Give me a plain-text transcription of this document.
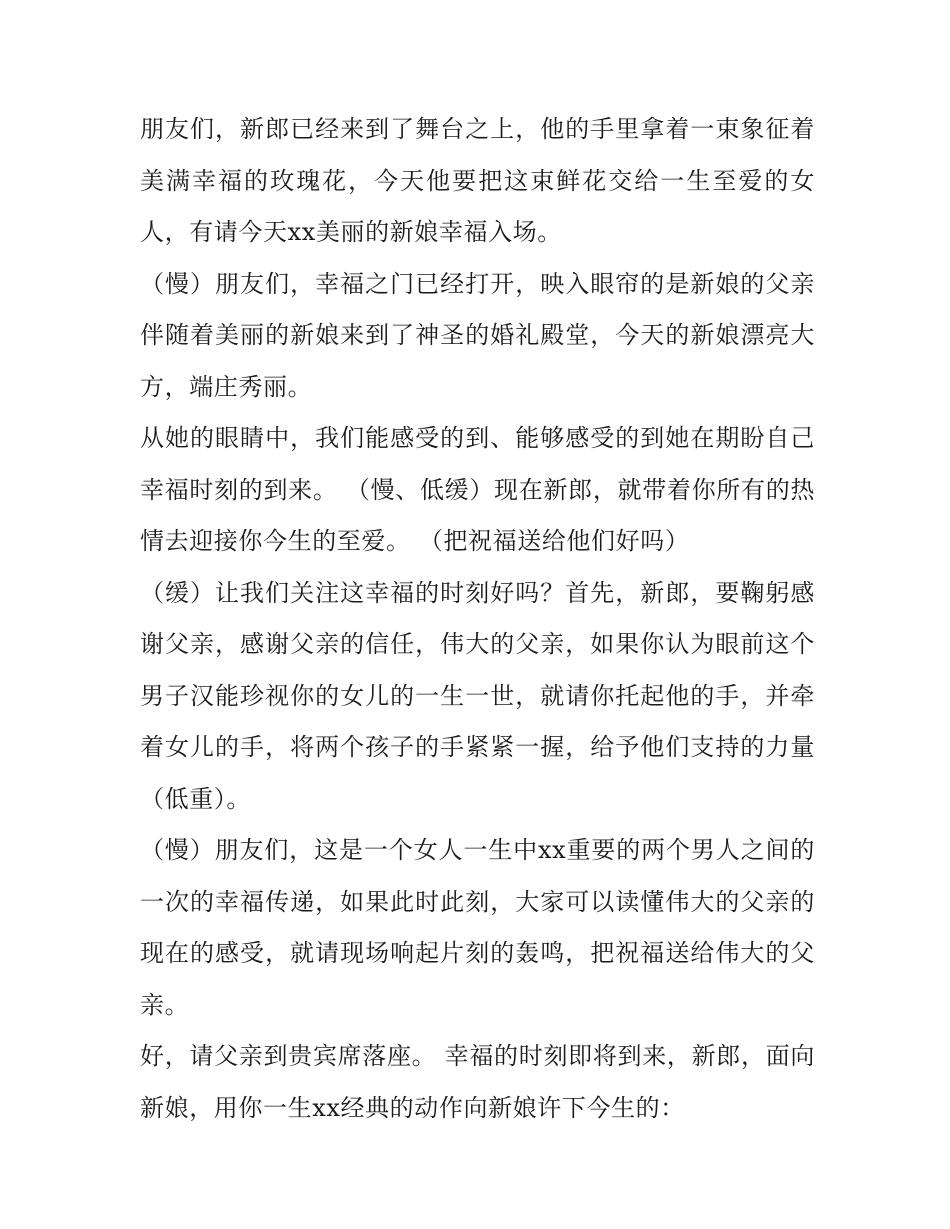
朋友们，新郎已经来到了舞台之上，他的手里拿着一束象征着美满幸福的玫瑰花，今天他要把这束鲜花交给一生至爱的女人，有请今天xx美丽的新娘幸福入场。

（慢）朋友们，幸福之门已经打开，映入眼帘的是新娘的父亲伴随着美丽的新娘来到了神圣的婚礼殿堂，今天的新娘漂亮大方，端庄秀丽。

从她的眼睛中，我们能感受的到、能够感受的到她在期盼自己幸福时刻的到来。 （慢、低缓）现在新郎，就带着你所有的热情去迎接你今生的至爱。 （把祝福送给他们好吗）

（缓）让我们关注这幸福的时刻好吗？首先，新郎，要鞠躬感谢父亲，感谢父亲的信任，伟大的父亲，如果你认为眼前这个男子汉能珍视你的女儿的一生一世，就请你托起他的手，并牵着女儿的手，将两个孩子的手紧紧一握，给予他们支持的力量（低重）。

（慢）朋友们，这是一个女人一生中xx重要的两个男人之间的一次的幸福传递，如果此时此刻，大家可以读懂伟大的父亲的现在的感受，就请现场响起片刻的轰鸣，把祝福送给伟大的父亲。

好，请父亲到贵宾席落座。 幸福的时刻即将到来，新郎，面向新娘，用你一生xx经典的动作向新娘许下今生的：
